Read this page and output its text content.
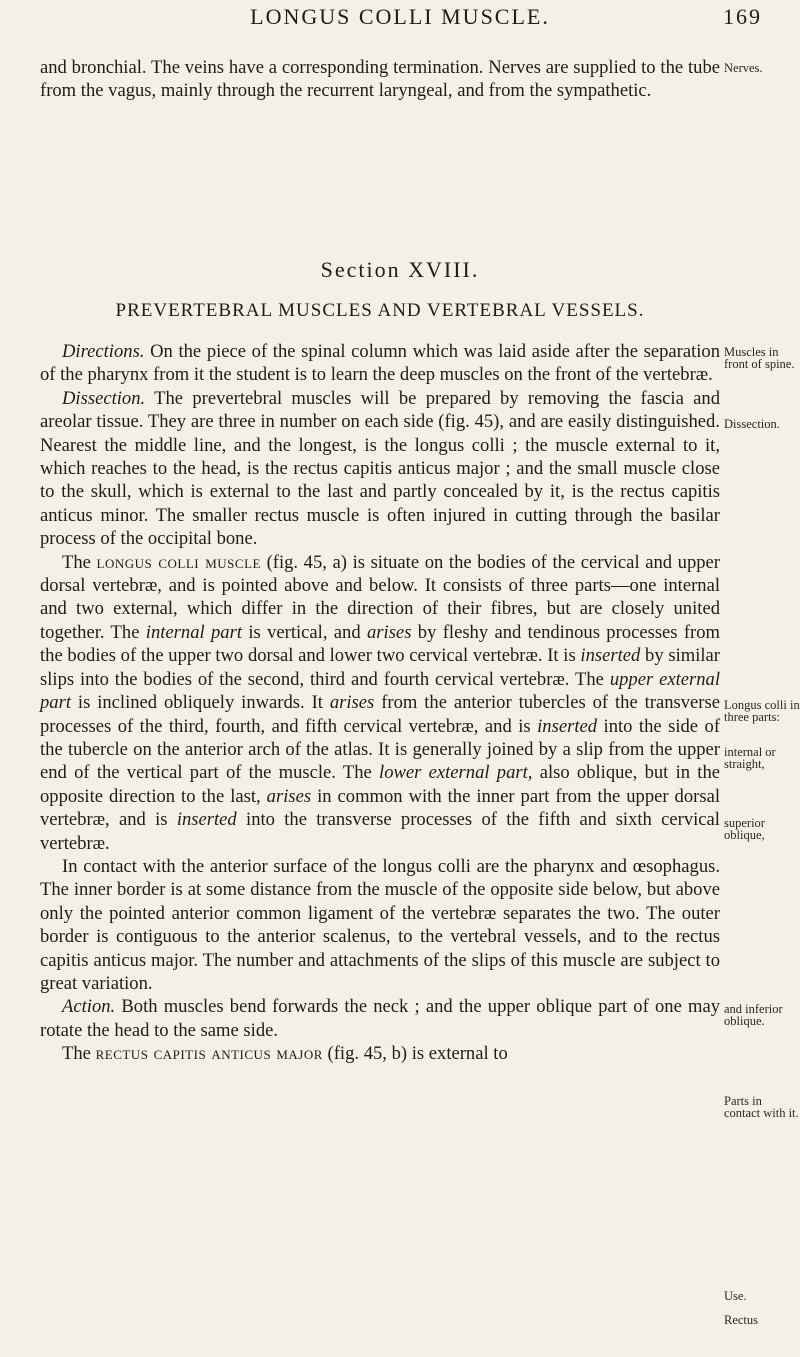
LONGUS COLLI MUSCLE.	169

and bronchial. The veins have a corresponding termination. Nerves are supplied to the tube from the vagus, mainly through the recurrent laryngeal, and from the sympathetic.

Section XVIII.
PREVERTEBRAL MUSCLES AND VERTEBRAL VESSELS.

Directions. On the piece of the spinal column which was laid aside after the separation of the pharynx from it the student is to learn the deep muscles on the front of the vertebræ.

Dissection. The prevertebral muscles will be prepared by removing the fascia and areolar tissue. They are three in number on each side (fig. 45), and are easily distinguished. Nearest the middle line, and the longest, is the longus colli ; the muscle external to it, which reaches to the head, is the rectus capitis anticus major ; and the small muscle close to the skull, which is external to the last and partly concealed by it, is the rectus capitis anticus minor. The smaller rectus muscle is often injured in cutting through the basilar process of the occipital bone.

The longus colli muscle (fig. 45, a) is situate on the bodies of the cervical and upper dorsal vertebræ, and is pointed above and below. It consists of three parts—one internal and two external, which differ in the direction of their fibres, but are closely united together. The internal part is vertical, and arises by fleshy and tendinous processes from the bodies of the upper two dorsal and lower two cervical vertebræ. It is inserted by similar slips into the bodies of the second, third and fourth cervical vertebræ. The upper external part is inclined obliquely inwards. It arises from the anterior tubercles of the transverse processes of the third, fourth, and fifth cervical vertebræ, and is inserted into the side of the tubercle on the anterior arch of the atlas. It is generally joined by a slip from the upper end of the vertical part of the muscle. The lower external part, also oblique, but in the opposite direction to the last, arises in common with the inner part from the upper dorsal vertebræ, and is inserted into the transverse processes of the fifth and sixth cervical vertebræ.

In contact with the anterior surface of the longus colli are the pharynx and œsophagus. The inner border is at some distance from the muscle of the opposite side below, but above only the pointed anterior common ligament of the vertebræ separates the two. The outer border is contiguous to the anterior scalenus, to the vertebral vessels, and to the rectus capitis anticus major. The number and attachments of the slips of this muscle are subject to great variation.

Action. Both muscles bend forwards the neck ; and the upper oblique part of one may rotate the head to the same side.

The rectus capitis anticus major (fig. 45, b) is external to

Nerves.
Muscles in front of spine.
Dissection.
Longus colli in three parts:
internal or straight,
superior oblique,
and inferior oblique.
Parts in contact with it.
Use.
Rectus
